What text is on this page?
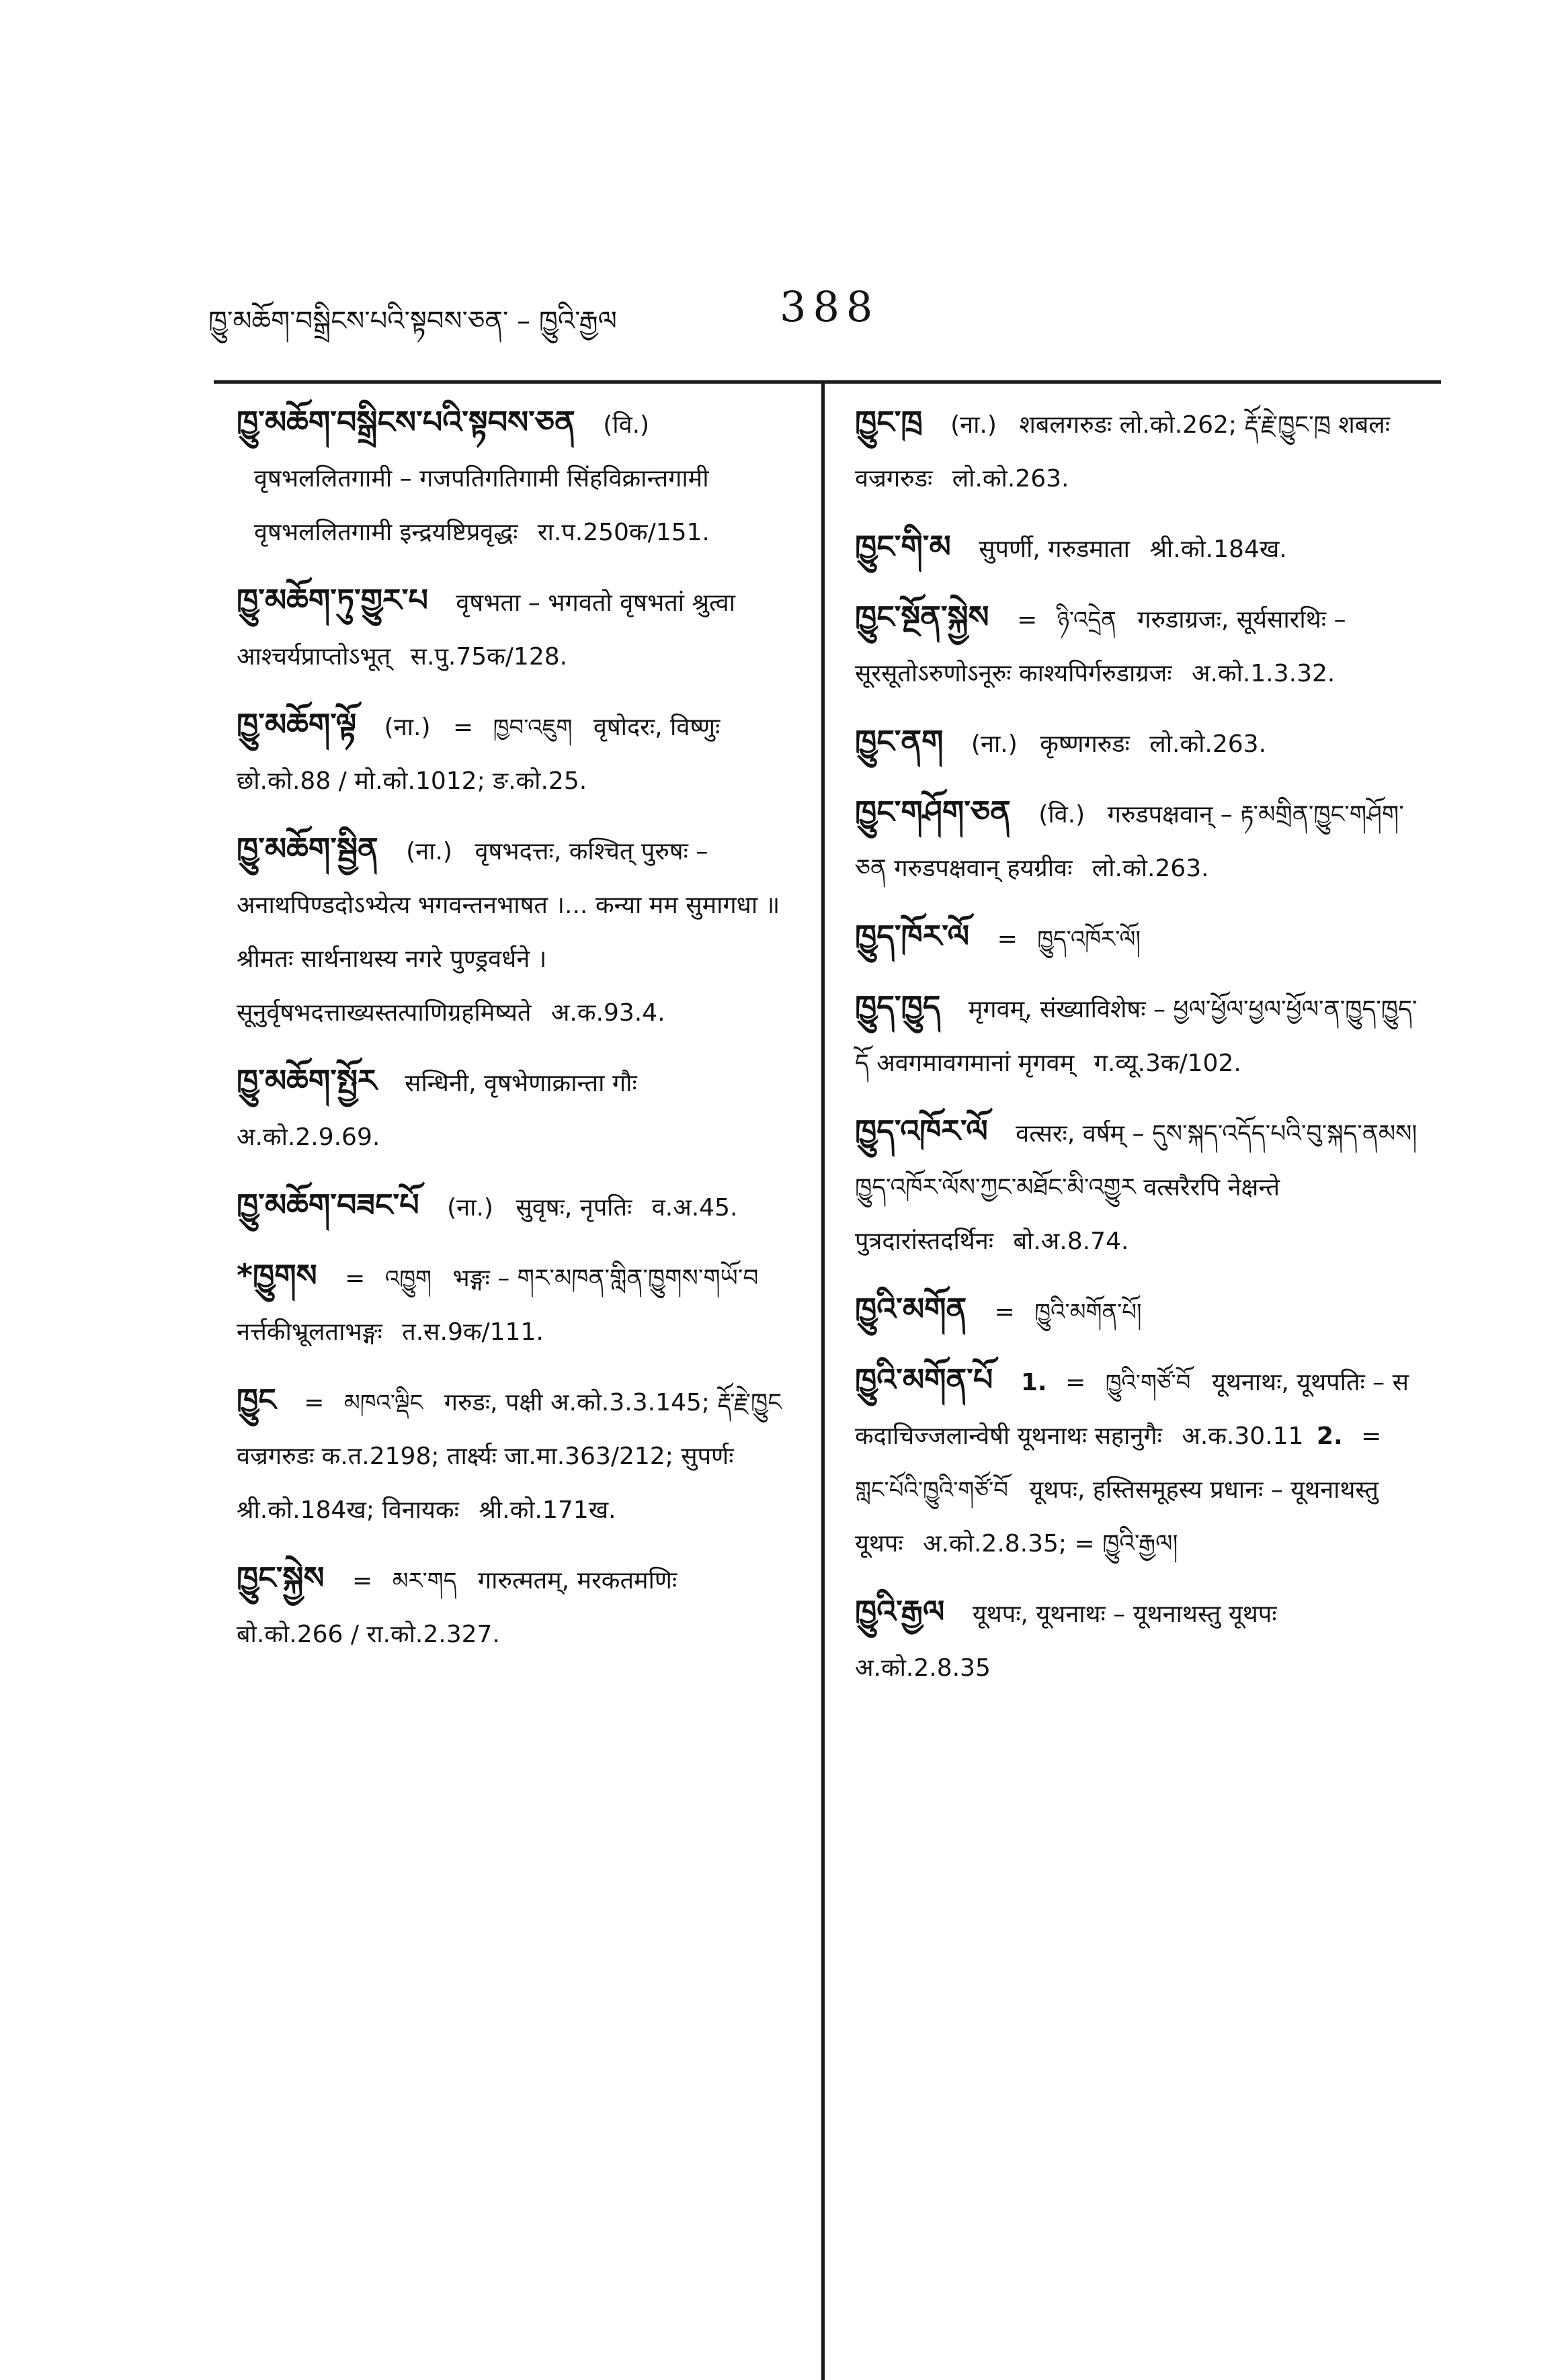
ཁྱུ་མཆོག་བསྒྲིངས་པའི་སྟབས་ཅན་ – ཁྱུའི་རྒྱལ	388
ཁྱུ་མཆོག་བསྒྲིངས་པའི་སྟབས་ཅན (वि.)
वृषभललितगामी – गजपतिगतिगामी सिंहविक्रान्तगामी वृषभललितगामी इन्द्रयष्टिप्रवृद्धः रा.प.250क/151.
ཁྱུ་མཆོག་ཏུ་གྱུར་པ वृषभता – भगवतो वृषभतां श्रुत्वा आश्चर्यप्राप्तोऽभूत् स.पु.75क/128.
ཁྱུ་མཆོག་ལྟོ (ना.) = ཁྱབ་འཇུག वृषोदरः, विष्णुः छो.को.88 / मो.को.1012; ङ.को.25.
ཁྱུ་མཆོག་སྦྱིན (ना.) वृषभदत्तः, कश्चित् पुरुषः – अनाथपिण्डदोऽभ्येत्य भगवन्तनभाषत ।... कन्या मम सुमागधा ॥ श्रीमतः सार्थनाथस्य नगरे पुण्ड्रवर्धने । सूनुर्वृषभदत्ताख्यस्तत्पाणिग्रहमिष्यते अ.क.93.4.
ཁྱུ་མཆོག་སྤྱོར सन्धिनी, वृषभेणाक्रान्ता गौः अ.को.2.9.69.
ཁྱུ་མཆོག་བཟང་པོ (ना.) सुवृषः, नृपतिः व.अ.45.
*ཁྱུགས = འཁྱུག भङ्गः – གར་མཁན་གླིན་ཁྱུགས་གཡོ་བ नर्त्तकीभ्रूलताभङ्गः त.स.9क/111.
ཁྱུང = མཁའ་ལྡིང गरुडः, पक्षी अ.को.3.3.145; རྡོ་རྗེ་ཁྱུང वज्रगरुडः क.त.2198; तार्क्ष्यः जा.मा.363/212; सुपर्णः श्री.को.184ख; विनायकः श्री.को.171ख.
ཁྱུང་སྐྱེས = མར་གད गारुत्मतम्, मरकतमणिः बो.को.266 / रा.को.2.327.
ཁྱུང་ཁྲ (ना.) शबलगरुडः लो.को.262; རྡོ་རྗེ་ཁྱུང་ཁྲ शबलः वज्रगरुडः लो.को.263.
ཁྱུང་གི་མ सुपर्णी, गरुडमाता श्री.को.184ख.
ཁྱུང་སྔོན་སྐྱེས = ཉི་འདྲེན गरुडाग्रजः, सूर्यसारथिः – सूरसूतोऽरुणोऽनूरुः काश्यपिर्गरुडाग्रजः अ.को.1.3.32.
ཁྱུང་ནག (ना.) कृष्णगरुडः लो.को.263.
ཁྱུང་གཤོག་ཅན (वि.) गरुडपक्षवान् – རྟ་མགྲིན་ཁྱུང་གཤོག་ཅན गरुडपक्षवान् हयग्रीवः लो.को.263.
ཁྱུད་ཁོར་ལོ = ཁྱུད་འཁོར་ལོ།
ཁྱུད་ཁྱུད मृगवम्, संख्याविशेषः – ཕྱལ་ཕྱོལ་ཕྱལ་ཕྱོལ་ན་ཁྱུད་ཁྱུད་དོ अवगमावगमानां मृगवम् ग.व्यू.3क/102.
ཁྱུད་འཁོར་ལོ वत्सरः, वर्षम् – དུས་སྐད་འདོད་པའི་བུ་སྐད་ནམས། ཁྱུད་འཁོར་ལོས་ཀྱང་མཐོང་མི་འགྱུར वत्सरैरपि नेक्षन्ते पुत्रदारांस्तदर्थिनः बो.अ.8.74.
ཁྱུའི་མགོན = ཁྱུའི་མགོན་པོ།
ཁྱུའི་མགོན་པོ 1. = ཁྱུའི་གཙོ་བོ यूथनाथः, यूथपतिः – स कदाचिज्जलान्वेषी यूथनाथः सहानुगैः अ.क.30.11 2. = གླང་པོའི་ཁྱུའི་གཙོ་བོ यूथपः, हस्तिसमूहस्य प्रधानः – यूथनाथस्तु यूथपः अ.को.2.8.35; = ཁྱུའི་རྒྱལ།
ཁྱུའི་རྒྱལ यूथपः, यूथनाथः – यूथनाथस्तु यूथपः अ.को.2.8.35
